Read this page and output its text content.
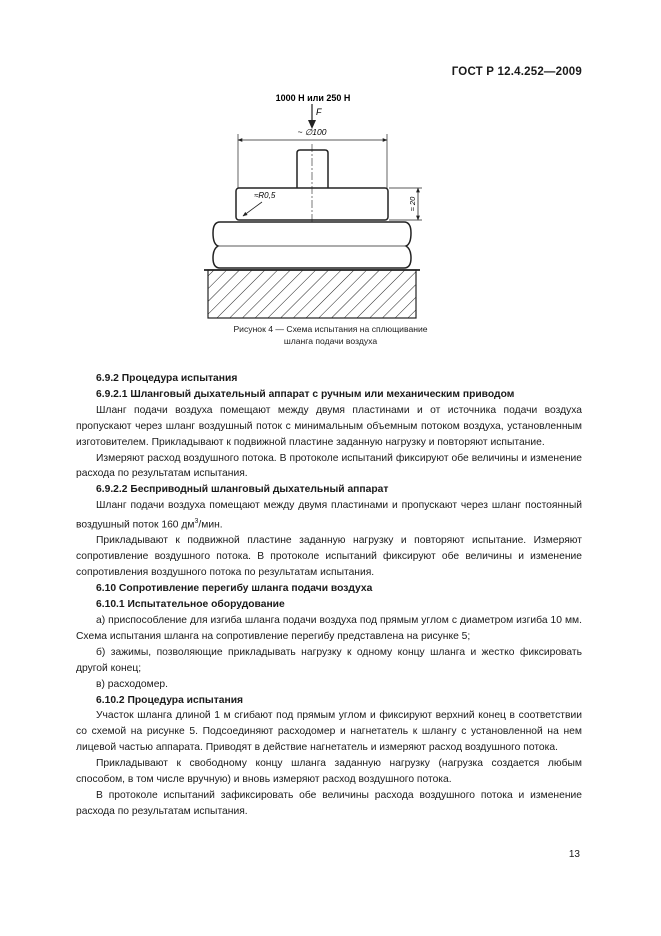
ГОСТ Р 12.4.252—2009
1000 Н или 250 Н
F
~ ∅100
≈R0,5
≈ 20
Рисунок 4 — Схема испытания на сплющивание
шланга подачи воздуха

6.9.2 Процедура испытания

6.9.2.1 Шланговый дыхательный аппарат с ручным или механическим приводом

Шланг подачи воздуха помещают между двумя пластинами и от источника подачи воздуха пропускают через шланг воздушный поток с минимальным объемным потоком воздуха, установленным изготовителем. Прикладывают к подвижной пластине заданную нагрузку и повторяют испытание.

Измеряют расход воздушного потока. В протоколе испытаний фиксируют обе величины и изменение расхода по результатам испытания.

6.9.2.2 Бесприводный шланговый дыхательный аппарат

Шланг подачи воздуха помещают между двумя пластинами и пропускают через шланг постоянный воздушный поток 160 $дм^3$/мин.

Прикладывают к подвижной пластине заданную нагрузку и повторяют испытание. Измеряют сопротивление воздушного потока. В протоколе испытаний фиксируют обе величины и изменение сопротивления воздушного потока по результатам испытания.

6.10 Сопротивление перегибу шланга подачи воздуха

6.10.1 Испытательное оборудование

а) приспособление для изгиба шланга подачи воздуха под прямым углом с диаметром изгиба 10 мм. Схема испытания шланга на сопротивление перегибу представлена на рисунке 5;

б) зажимы, позволяющие прикладывать нагрузку к одному концу шланга и жестко фиксировать другой конец;

в) расходомер.

6.10.2 Процедура испытания

Участок шланга длиной 1 м сгибают под прямым углом и фиксируют верхний конец в соответствии со схемой на рисунке 5. Подсоединяют расходомер и нагнетатель к шлангу с установленной на нем лицевой частью аппарата. Приводят в действие нагнетатель и измеряют расход воздушного потока.

Прикладывают к свободному концу шланга заданную нагрузку (нагрузка создается любым способом, в том числе вручную) и вновь измеряют расход воздушного потока.

В протоколе испытаний зафиксировать обе величины расхода воздушного потока и изменение расхода по результатам испытания.

13
